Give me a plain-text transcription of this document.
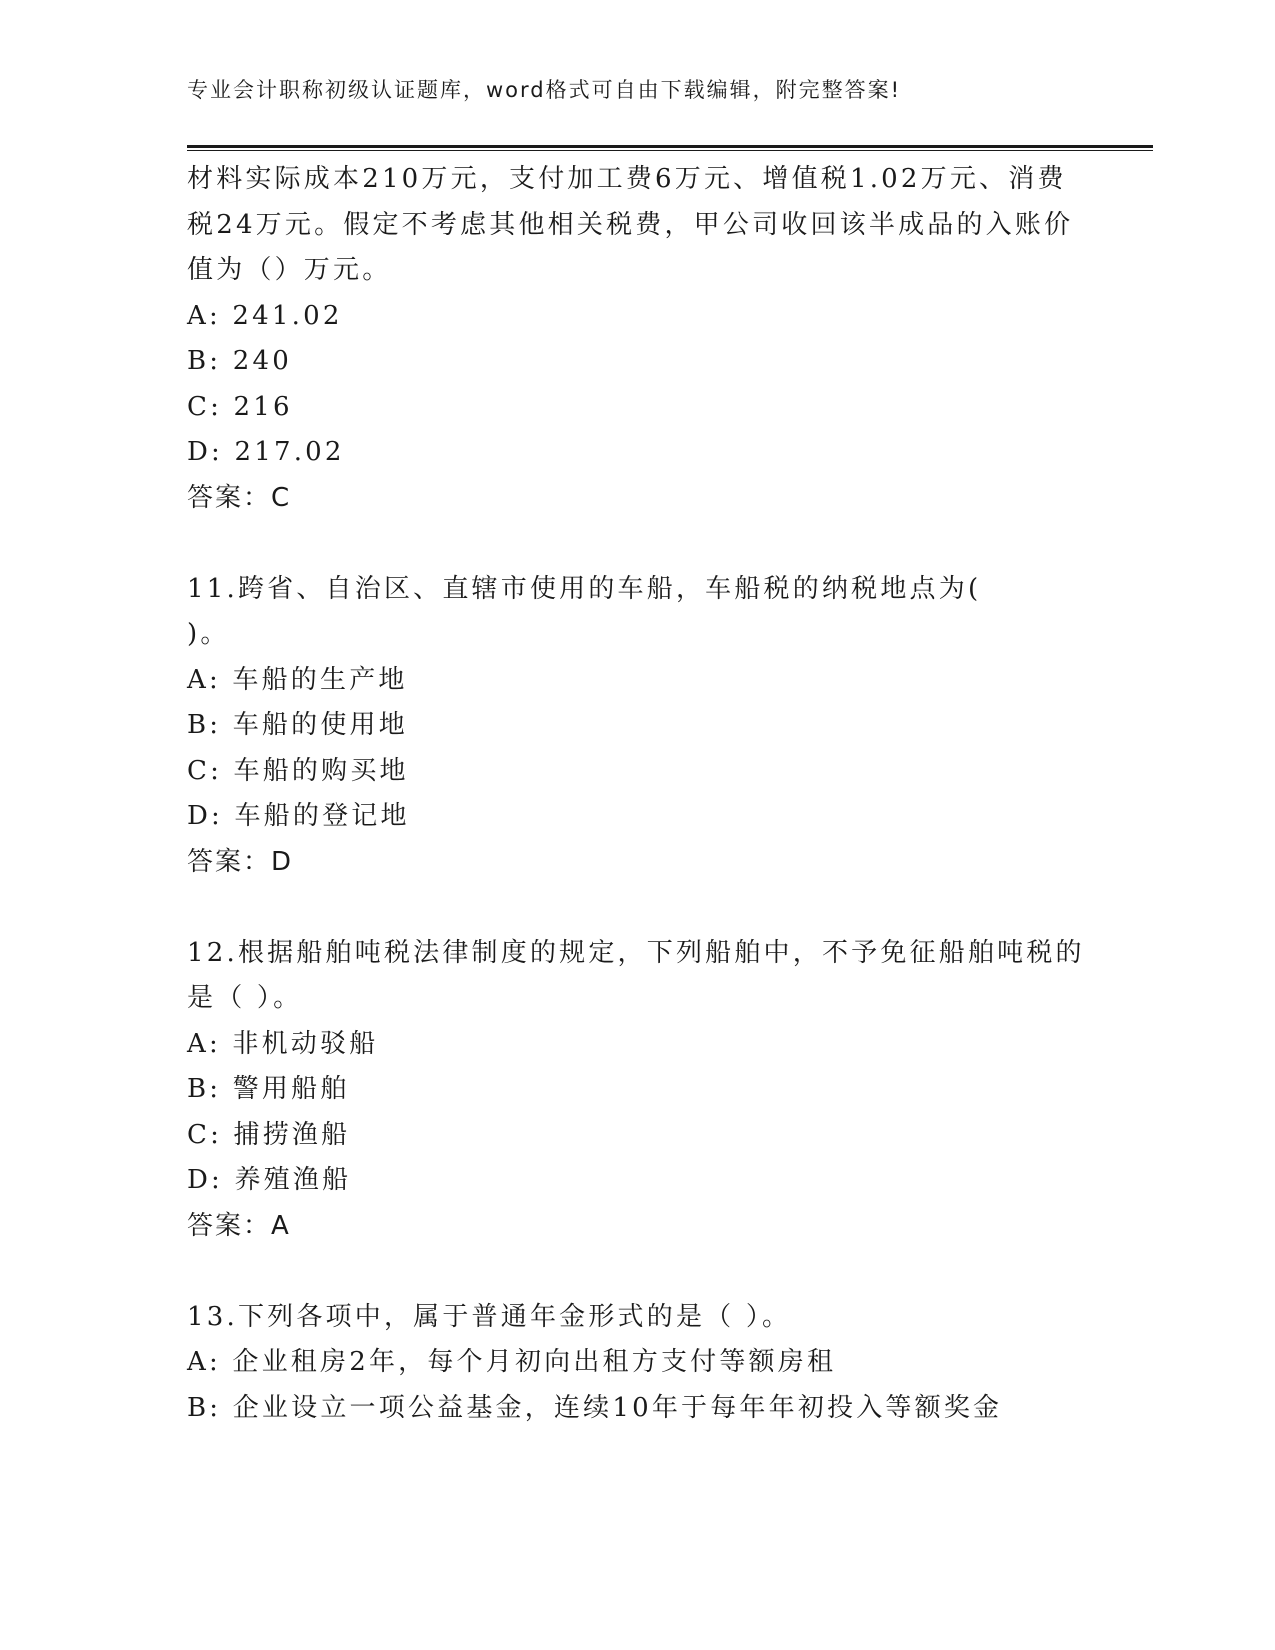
专业会计职称初级认证题库，word格式可自由下载编辑，附完整答案!
材料实际成本210万元，支付加工费6万元、增值税1.02万元、消费
税24万元。假定不考虑其他相关税费，甲公司收回该半成品的入账价
值为（）万元。
A: 241.02
B: 240
C: 216
D: 217.02
答案：C
11.跨省、自治区、直辖市使用的车船，车船税的纳税地点为(
)。
A: 车船的生产地
B: 车船的使用地
C: 车船的购买地
D: 车船的登记地
答案：D
12.根据船舶吨税法律制度的规定，下列船舶中，不予免征船舶吨税的
是（ ）。
A: 非机动驳船
B: 警用船舶
C: 捕捞渔船
D: 养殖渔船
答案：A
13.下列各项中，属于普通年金形式的是（ ）。
A: 企业租房2年，每个月初向出租方支付等额房租
B: 企业设立一项公益基金，连续10年于每年年初投入等额奖金
